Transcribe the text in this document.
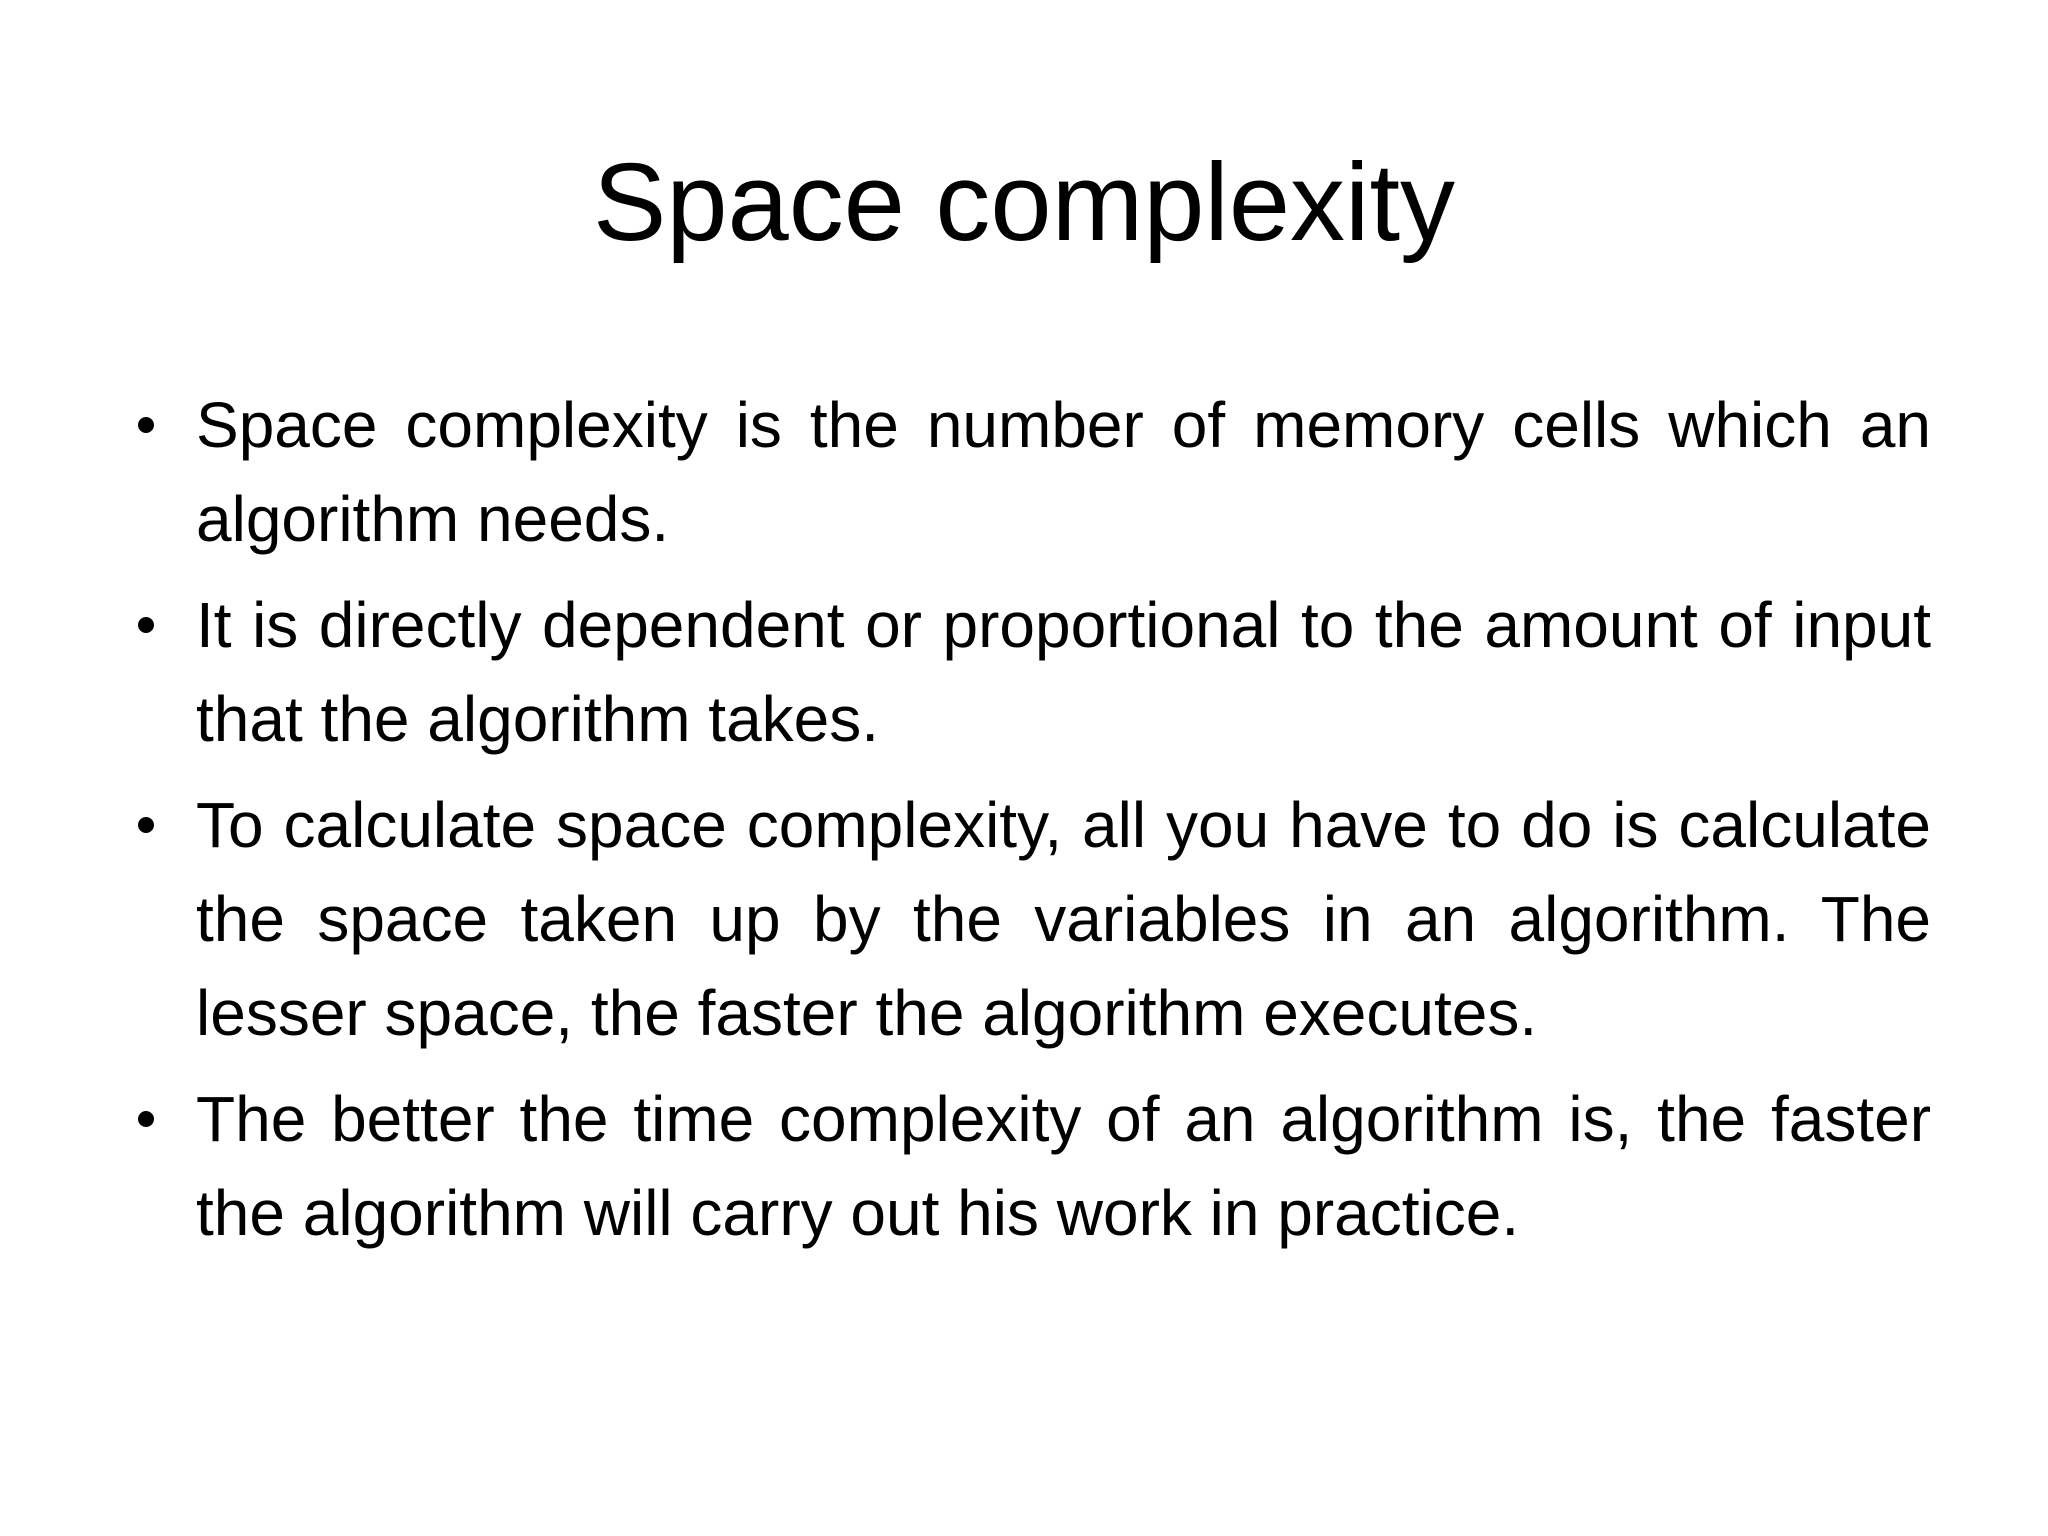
Space complexity
Space complexity is the number of memory cells which an algorithm needs.
It is directly dependent or proportional to the amount of input that the algorithm takes.
To calculate space complexity, all you have to do is calculate the space taken up by the variables in an algorithm. The lesser space, the faster the algorithm executes.
The better the time complexity of an algorithm is, the faster the algorithm will carry out his work in practice.
